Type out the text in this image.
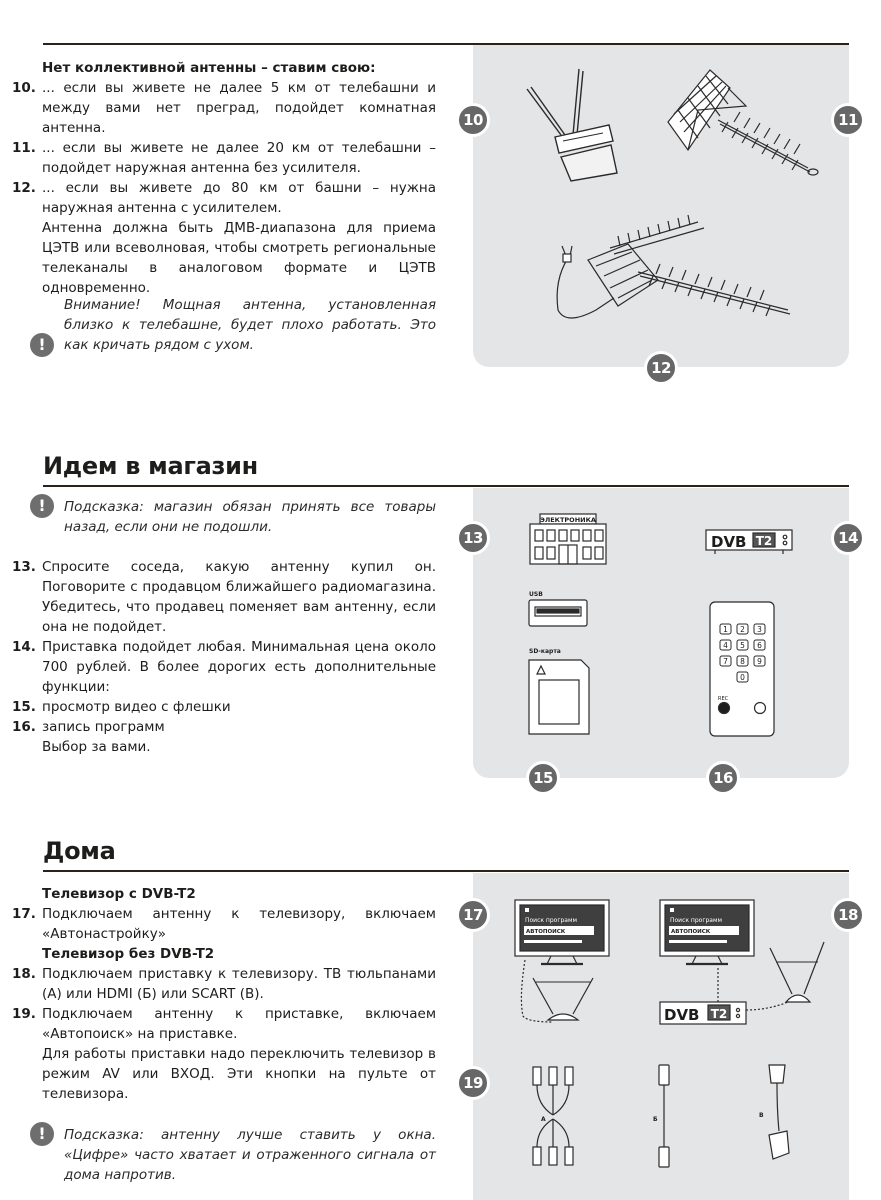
Нет коллективной антенны – ставим свою:

10. ... если вы живете не далее 5 км от телебашни и между вами нет преград, подойдет комнатная антенна.

11. ... если вы живете не далее 20 км от телебашни – подойдет наружная антенна без усилителя.

12. ... если вы живете до 80 км от башни – нужна наружная антенна с усилителем.

Антенна должна быть ДМВ-диапазона для приема ЦЭТВ или всеволновая, чтобы смотреть региональные телеканалы в аналоговом формате и ЦЭТВ одновременно.

Внимание! Мощная антенна, установленная близко к телебашне, будет плохо работать. Это как кричать рядом с ухом.
!
10	11
12
Идем в магазин
!	Подсказка: магазин обязан принять все товары назад, если они не подошли.

13. Спросите соседа, какую антенну купил он. Поговорите с продавцом ближайшего радиомагазина. Убедитесь, что продавец поменяет вам антенну, если она не подойдет.

14. Приставка подойдет любая. Минимальная цена около 700 рублей. В более дорогих есть дополнительные функции:

15. просмотр видео с флешки

16. запись программ

Выбор за вами.

ЭЛЕКТРОНИКА
DVB T2
USB
SD-карта
1 2 3
4 5 6
7 8 9
0
REC
13	14
15	16
Дома

Телевизор с DVB-T2

17. Подключаем антенну к телевизору, включаем «Автонастройку»

Телевизор без DVB-T2

18. Подключаем приставку к телевизору. ТВ тюльпанами (А) или HDMI (Б) или SCART (В).

19. Подключаем антенну к приставке, включаем «Автопоиск» на приставке.

Для работы приставки надо переключить телевизор в режим AV или ВХОД. Эти кнопки на пульте от телевизора.

!	Подсказка: антенну лучше ставить у окна. «Цифре» часто хватает и отраженного сигнала от дома напротив.
Поиск программ
АВТОПОИСК
Поиск программ
АВТОПОИСК
DVB T2
А	Б
В
17	18
19
